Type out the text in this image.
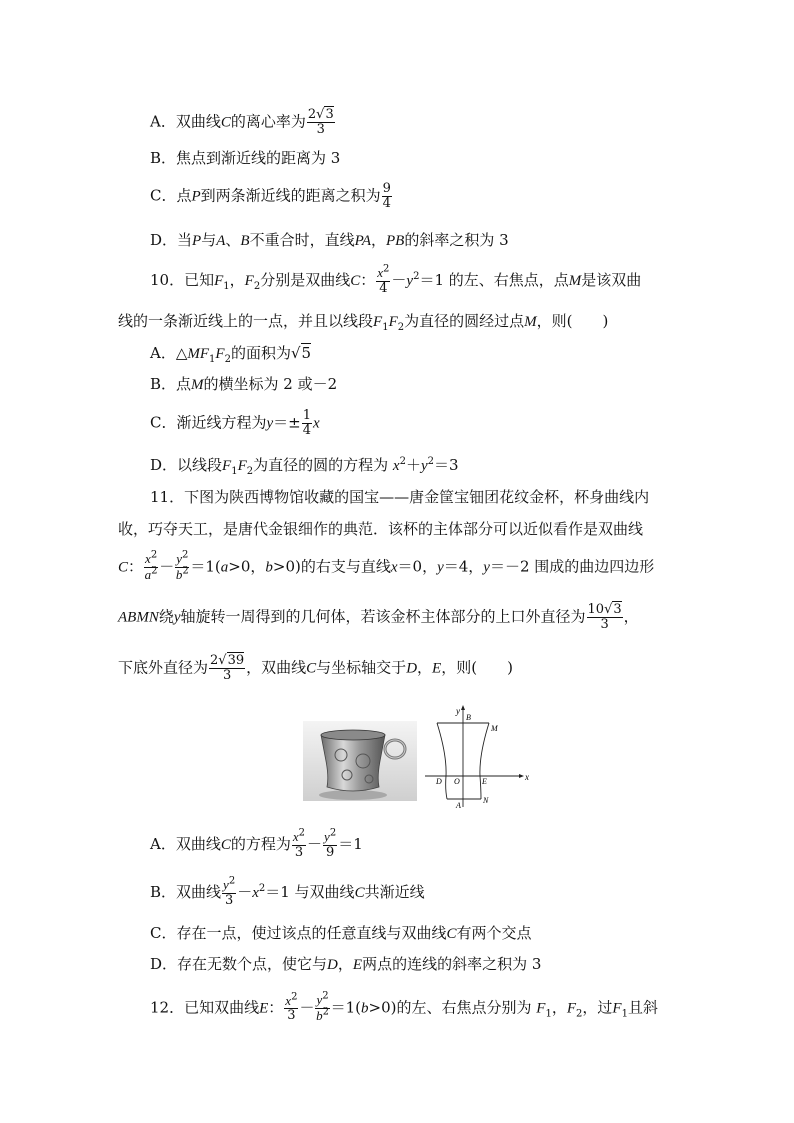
A．双曲线C的离心率为 $\frac{2√3}{3}$
B．焦点到渐近线的距离为 3
C．点P到两条渐近线的距离之积为 $\frac{9}{4}$
D．当P与A、B不重合时，直线PA，PB的斜率之积为 3
10．已知$F_1$，$F_2$分别是双曲线C： $\frac{x^2}{4} -y^2=1$ 的左、右焦点，点M是该双曲
线的一条渐近线上的一点，并且以线段$F_1F_2$为直径的圆经过点M，则( )
A．$\triangle MF_1F_2$的面积为√5
B．点M的横坐标为 2 或－2
C．渐近线方程为$y=\pm \frac{1}{4}$ x
D．以线段$F_1F_2$为直径的圆的方程为 $x^2+y^2=3$
11．下图为陕西博物馆收藏的国宝——唐金筐宝钿团花纹金杯，杯身曲线内
收，巧夺天工，是唐代金银细作的典范．该杯的主体部分可以近似看作是双曲线
C： $\frac{x^2}{a^2} - \frac{y^2}{b^2} =1(a>0$，b>0)的右支与直线x＝0，y＝4，y＝－2 围成的曲边四边形
ABMN绕y轴旋转一周得到的几何体，若该金杯主体部分的上口外直径为 $\frac{10√3}{3}$ ，
下底外直径为 $\frac{2√39}{3}$ ，双曲线C与坐标轴交于D，E，则( )
y
x
B
M
D O	E
A
N
A．双曲线C的方程为 $\frac{x^2}{3} - \frac{y^2}{9} =1$
B．双曲线 $\frac{y^2}{3} -x^2=1$ 与双曲线C共渐近线
C．存在一点，使过该点的任意直线与双曲线C有两个交点
D．存在无数个点，使它与D，E两点的连线的斜率之积为 3
12．已知双曲线E： $\frac{x^2}{3} - \frac{y^2}{b^2} =1(b>0)$的左、右焦点分别为 $F_1$，$F_2$，过$F_1$且斜
